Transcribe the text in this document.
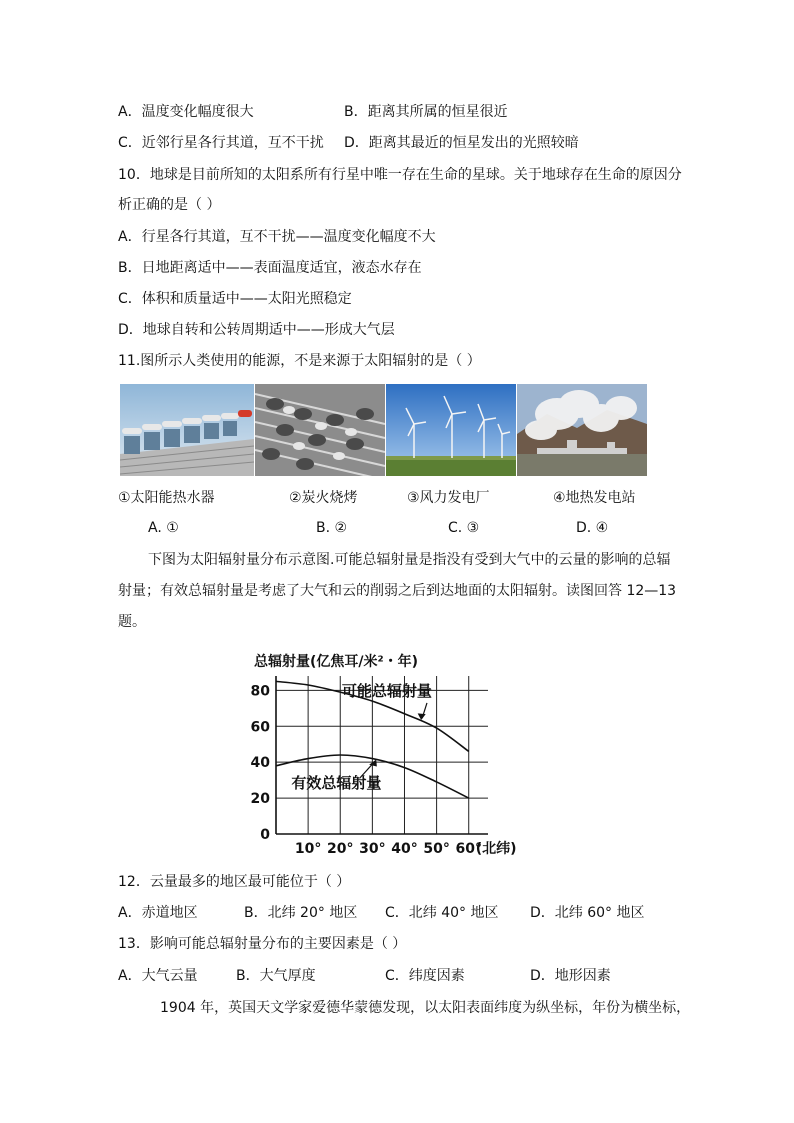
A．温度变化幅度很大	B．距离其所属的恒星很近
C．近邻行星各行其道，互不干扰 D．距离其最近的恒星发出的光照较暗
10．地球是目前所知的太阳系所有行星中唯一存在生命的星球。关于地球存在生命的原因分
析正确的是（ ）
A．行星各行其道，互不干扰——温度变化幅度不大
B．日地距离适中——表面温度适宜，液态水存在
C．体积和质量适中——太阳光照稳定
D．地球自转和公转周期适中——形成大气层
11.图所示人类使用的能源，不是来源于太阳辐射的是（ ）
①太阳能热水器	②炭火烧烤	③风力发电厂	④地热发电站
A. ①	B. ②	C. ③	D. ④
下图为太阳辐射量分布示意图.可能总辐射量是指没有受到大气中的云量的影响的总辐
射量；有效总辐射量是考虑了大气和云的削弱之后到达地面的太阳辐射。读图回答 12—13
题。
总辐射量(亿焦耳/米²・年)
0
20
40
60
80
10° 20° 30° 40° 50° 60°
(北纬)
可能总辐射量
有效总辐射量
12．云量最多的地区最可能位于（ ）
A．赤道地区	B．北纬 20° 地区 C．北纬 40° 地区 D．北纬 60° 地区
13．影响可能总辐射量分布的主要因素是（ ）
A．大气云量	B．大气厚度	C．纬度因素	D．地形因素
1904 年，英国天文学家爱德华蒙德发现，以太阳表面纬度为纵坐标，年份为横坐标，
